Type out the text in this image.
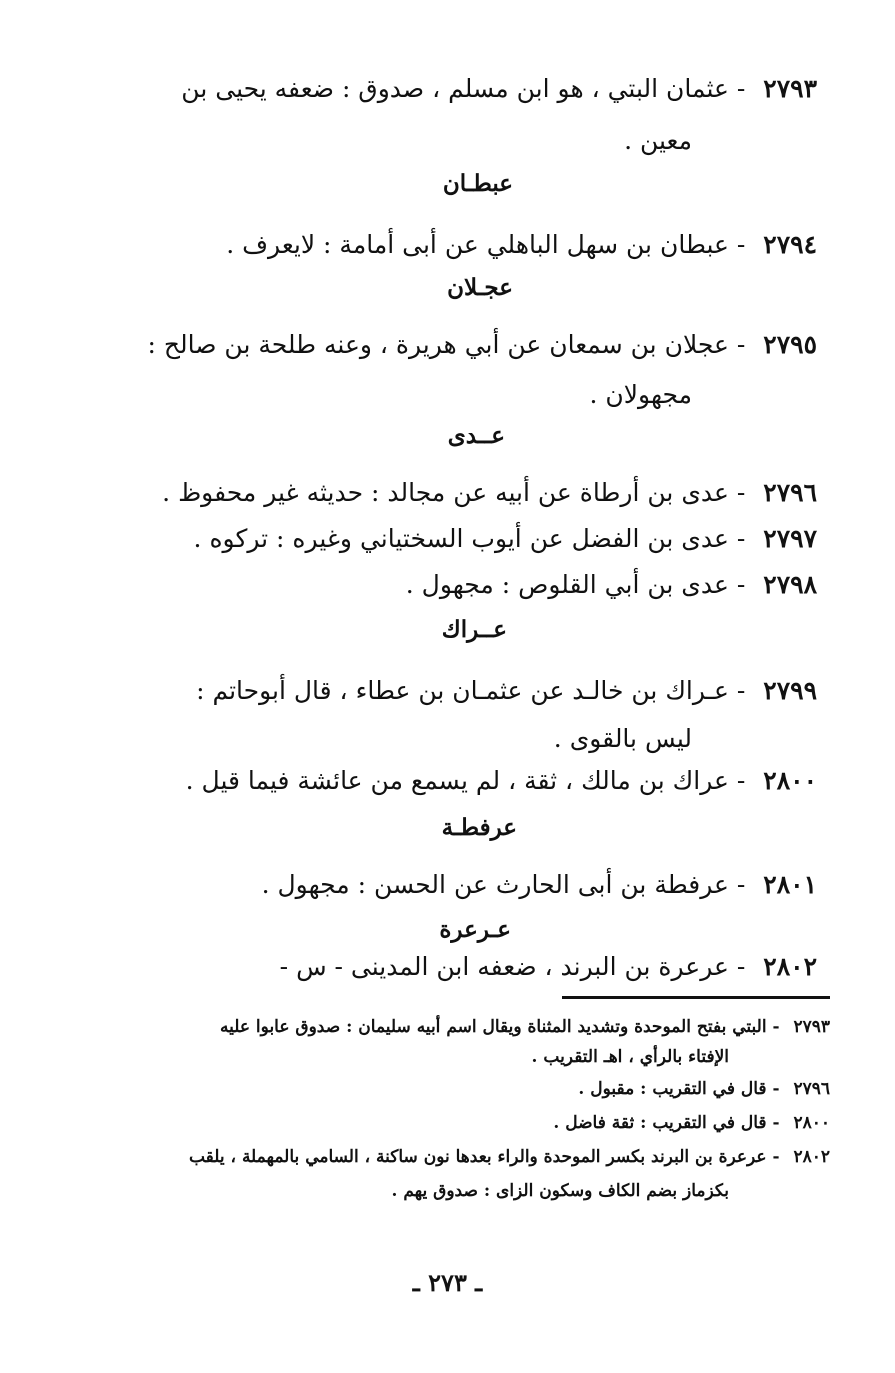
٢٧٩٣ - عثمان البتي ، هو ابن مسلم ، صدوق : ضعفه يحيى بن
معين .
عبطـان
٢٧٩٤ - عبطان بن سهل الباهلي عن أبى أمامة : لايعرف .
عجـلان
٢٧٩٥ - عجلان بن سمعان عن أبي هريرة ، وعنه طلحة بن صالح :
مجهولان .
عــدى
٢٧٩٦ - عدى بن أرطاة عن أبيه عن مجالد : حديثه غير محفوظ .
٢٧٩٧ - عدى بن الفضل عن أيوب السختياني وغيره : تركوه .
٢٧٩٨ - عدى بن أبي القلوص : مجهول .
عــراك
٢٧٩٩ - عـراك بن خالـد عن عثمـان بن عطاء ، قال أبوحاتم :
ليس بالقوى .
٢٨٠٠ - عراك بن مالك ، ثقة ، لم يسمع من عائشة فيما قيل .
عرفطـة
٢٨٠١ - عرفطة بن أبى الحارث عن الحسن : مجهول .
عـرعرة
٢٨٠٢ - عرعرة بن البرند ، ضعفه ابن المدينى - س -
٢٧٩٣ - البتي بفتح الموحدة وتشديد المثناة ويقال اسم أبيه سليمان : صدوق عابوا عليه
الإفتاء بالرأي ، اهـ التقريب .
٢٧٩٦ - قال في التقريب : مقبول .
٢٨٠٠ - قال في التقريب : ثقة فاضل .
٢٨٠٢ - عرعرة بن البرند بكسر الموحدة والراء بعدها نون ساكنة ، السامي بالمهملة ، يلقب
بكزماز بضم الكاف وسكون الزاى : صدوق يهم .
ـ ٢٧٣ ـ
